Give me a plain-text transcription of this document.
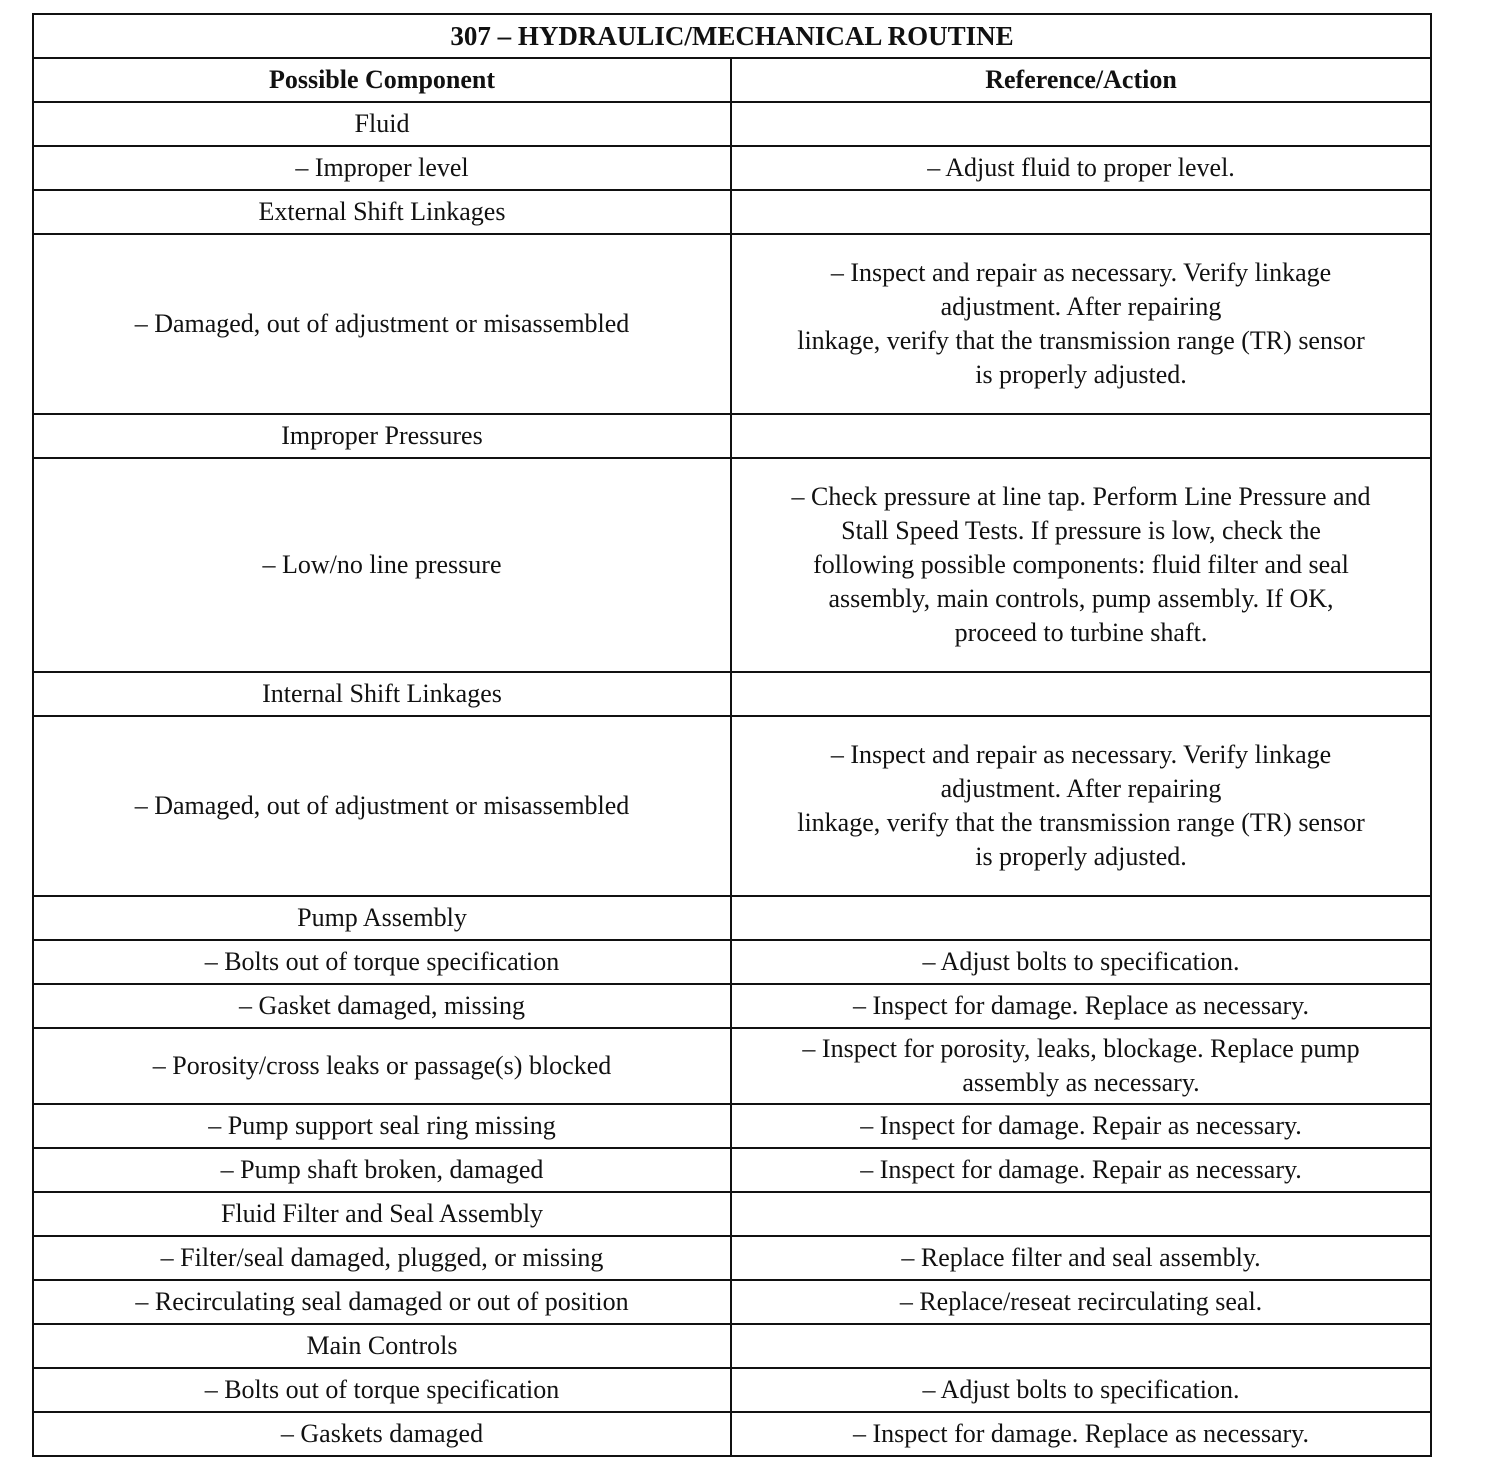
307 – HYDRAULIC/MECHANICAL ROUTINE	
Possible Component	Reference/Action
Fluid	
– Improper level	– Adjust fluid to proper level.
External Shift Linkages	
– Damaged, out of adjustment or misassembled	– Inspect and repair as necessary. Verify linkage
adjustment. After repairing
linkage, verify that the transmission range (TR) sensor
is properly adjusted.

Improper Pressures	
– Low/no line pressure	– Check pressure at line tap. Perform Line Pressure and
Stall Speed Tests. If pressure is low, check the
following possible components: fluid filter and seal
assembly, main controls, pump assembly. If OK,
proceed to turbine shaft.

Internal Shift Linkages	
– Damaged, out of adjustment or misassembled	– Inspect and repair as necessary. Verify linkage
adjustment. After repairing
linkage, verify that the transmission range (TR) sensor
is properly adjusted.

Pump Assembly	
– Bolts out of torque specification	– Adjust bolts to specification.
– Gasket damaged, missing	– Inspect for damage. Replace as necessary.
– Porosity/cross leaks or passage(s) blocked	– Inspect for porosity, leaks, blockage. Replace pump
assembly as necessary.

– Pump support seal ring missing	– Inspect for damage. Repair as necessary.
– Pump shaft broken, damaged	– Inspect for damage. Repair as necessary.
Fluid Filter and Seal Assembly	
– Filter/seal damaged, plugged, or missing	– Replace filter and seal assembly.
– Recirculating seal damaged or out of position	– Replace/reseat recirculating seal.
Main Controls	
– Bolts out of torque specification	– Adjust bolts to specification.
– Gaskets damaged	– Inspect for damage. Replace as necessary.
